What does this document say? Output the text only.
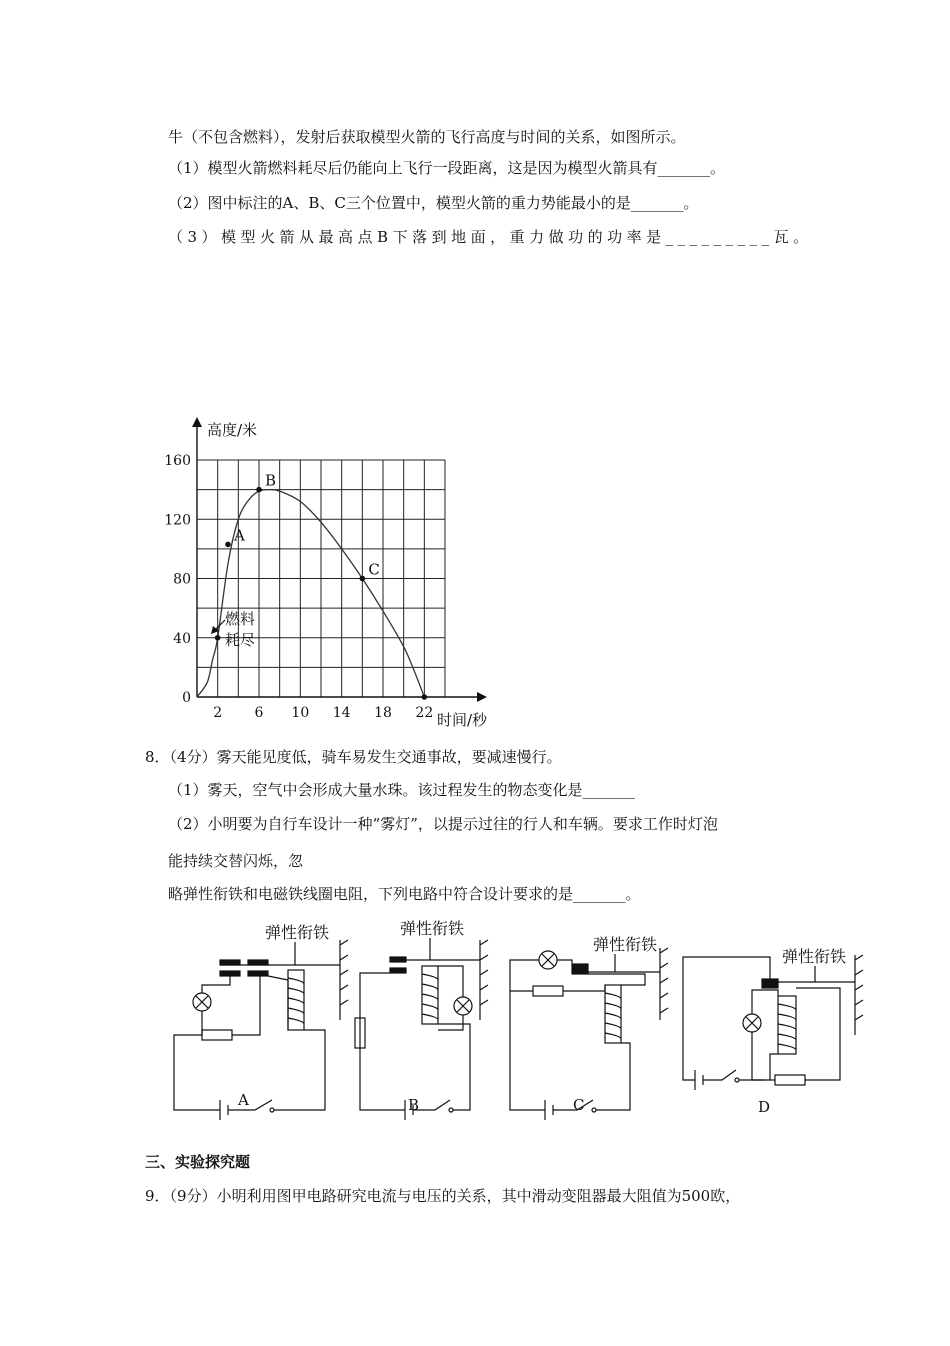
牛（不包含燃料），发射后获取模型火箭的飞行高度与时间的关系，如图所示。
（1）模型火箭燃料耗尽后仍能向上飞行一段距离，这是因为模型火箭具有_______。
（2）图中标注的A、B、C三个位置中，模型火箭的重力势能最小的是_______。
（3）模型火箭从最高点B下落到地面，重力做功的功率是_________瓦。
A
B
C
2 6 10 14 18 22
0
40
80
120
160
高度/米
时间/秒
燃料
耗尽
8．（4分）雾天能见度低，骑车易发生交通事故，要减速慢行。
（1）雾天，空气中会形成大量水珠。该过程发生的物态变化是_______
（2）小明要为自行车设计一种“雾灯”，以提示过往的行人和车辆。要求工作时灯泡
能持续交替闪烁，忽
略弹性衔铁和电磁铁线圈电阻，下列电路中符合设计要求的是_______。
弹性衔铁
A
弹性衔铁
B
弹性衔铁
C
弹性衔铁
D
三、实验探究题
9．（9分）小明利用图甲电路研究电流与电压的关系，其中滑动变阻器最大阻值为500欧，
